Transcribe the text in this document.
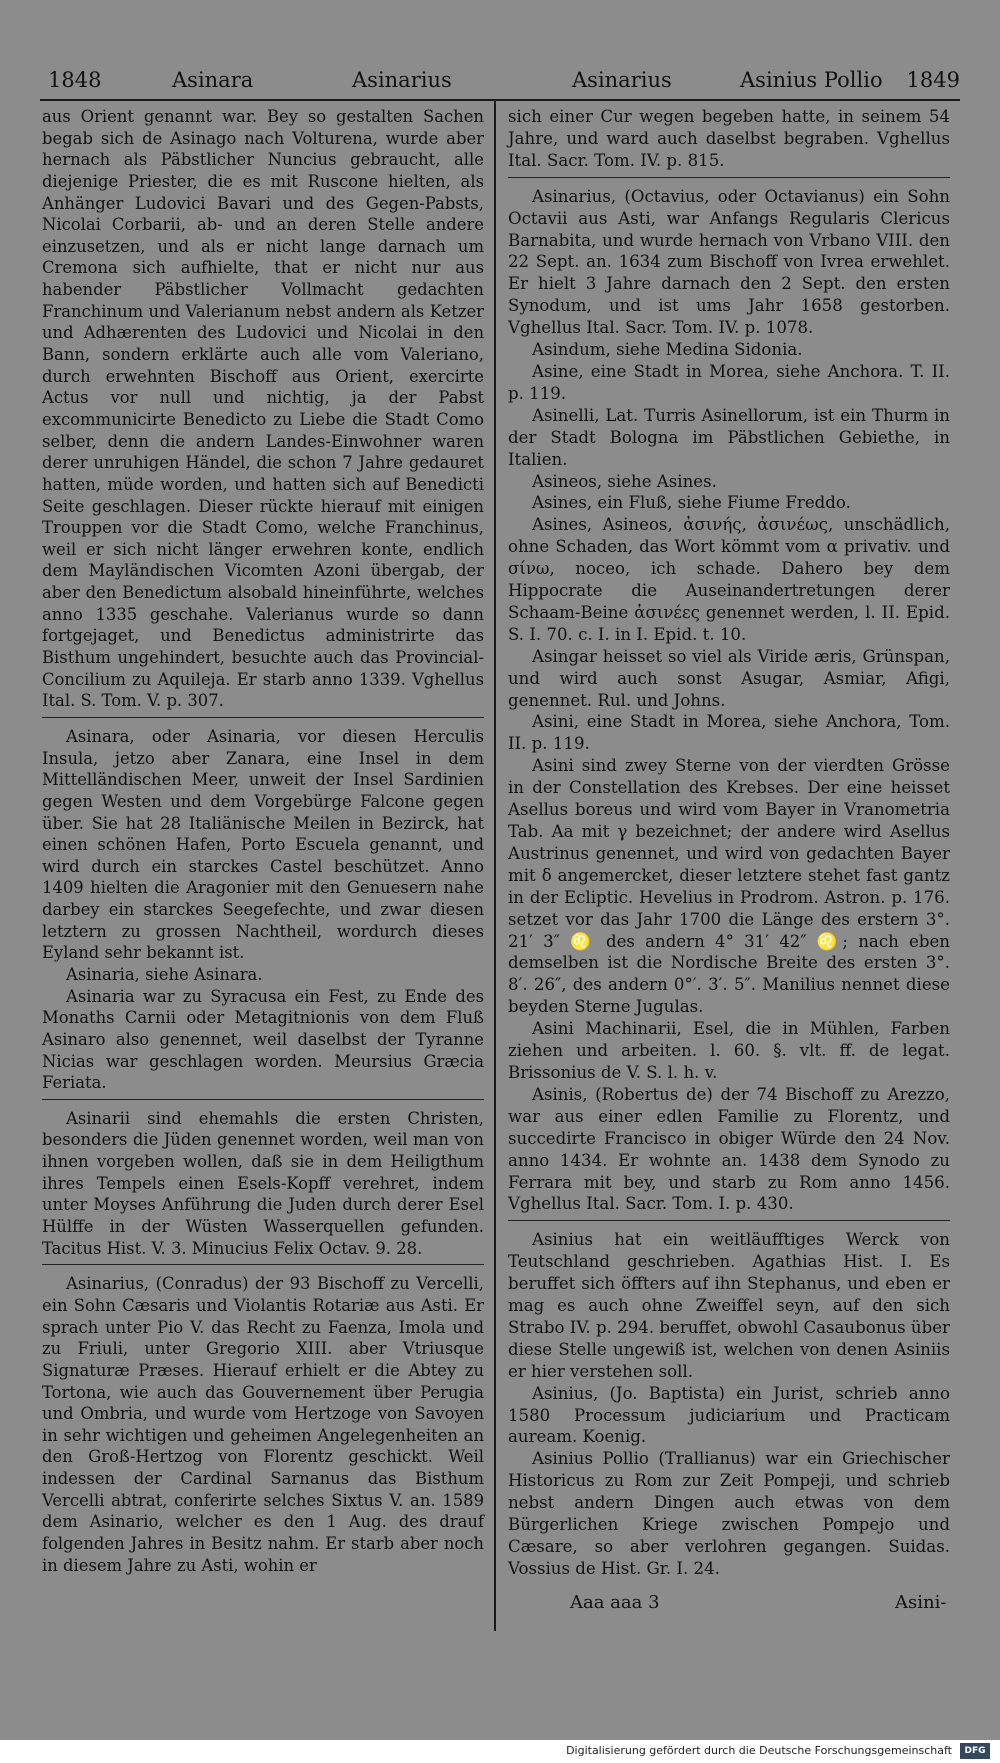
1848	Asinara	Asinarius	Asinarius	Asinius Pollio 1849

aus Orient genannt war. Bey so gestalten Sachen begab sich de Asinago nach Volturena, wurde aber hernach als Päbstlicher Nuncius gebraucht, alle diejenige Priester, die es mit Ruscone hielten, als Anhänger Ludovici Bavari und des Gegen-Pabsts, Nicolai Corbarii, ab- und an deren Stelle andere einzusetzen, und als er nicht lange darnach um Cremona sich aufhielte, that er nicht nur aus habender Päbstlicher Vollmacht gedachten Franchinum und Valerianum nebst andern als Ketzer und Adhærenten des Ludovici und Nicolai in den Bann, sondern erklärte auch alle vom Valeriano, durch erwehnten Bischoff aus Orient, exercirte Actus vor null und nichtig, ja der Pabst excommunicirte Benedicto zu Liebe die Stadt Como selber, denn die andern Landes-Einwohner waren derer unruhigen Händel, die schon 7 Jahre gedauret hatten, müde worden, und hatten sich auf Benedicti Seite geschlagen. Dieser rückte hierauf mit einigen Trouppen vor die Stadt Como, welche Franchinus, weil er sich nicht länger erwehren konte, endlich dem Mayländischen Vicomten Azoni übergab, der aber den Benedictum alsobald hineinführte, welches anno 1335 geschahe. Valerianus wurde so dann fortgejaget, und Benedictus administrirte das Bisthum ungehindert, besuchte auch das Provincial-Concilium zu Aquileja. Er starb anno 1339. Vghellus Ital. S. Tom. V. p. 307.

Asinara, oder Asinaria, vor diesen Herculis Insula, jetzo aber Zanara, eine Insel in dem Mittelländischen Meer, unweit der Insel Sardinien gegen Westen und dem Vorgebürge Falcone gegen über. Sie hat 28 Italiänische Meilen in Bezirck, hat einen schönen Hafen, Porto Escuela genannt, und wird durch ein starckes Castel beschützet. Anno 1409 hielten die Aragonier mit den Genuesern nahe darbey ein starckes Seegefechte, und zwar diesen letztern zu grossen Nachtheil, wordurch dieses Eyland sehr bekannt ist.

Asinaria, siehe Asinara.

Asinaria war zu Syracusa ein Fest, zu Ende des Monaths Carnii oder Metagitnionis von dem Fluß Asinaro also genennet, weil daselbst der Tyranne Nicias war geschlagen worden. Meursius Græcia Feriata.

Asinarii sind ehemahls die ersten Christen, besonders die Jüden genennet worden, weil man von ihnen vorgeben wollen, daß sie in dem Heiligthum ihres Tempels einen Esels-Kopff verehret, indem unter Moyses Anführung die Juden durch derer Esel Hülffe in der Wüsten Wasserquellen gefunden. Tacitus Hist. V. 3. Minucius Felix Octav. 9. 28.

Asinarius, (Conradus) der 93 Bischoff zu Vercelli, ein Sohn Cæsaris und Violantis Rotariæ aus Asti. Er sprach unter Pio V. das Recht zu Faenza, Imola und zu Friuli, unter Gregorio XIII. aber Vtriusque Signaturæ Præses. Hierauf erhielt er die Abtey zu Tortona, wie auch das Gouvernement über Perugia und Ombria, und wurde vom Hertzoge von Savoyen in sehr wichtigen und geheimen Angelegenheiten an den Groß-Hertzog von Florentz geschickt. Weil indessen der Cardinal Sarnanus das Bisthum Vercelli abtrat, conferirte selches Sixtus V. an. 1589 dem Asinario, welcher es den 1 Aug. des drauf folgenden Jahres in Besitz nahm. Er starb aber noch in diesem Jahre zu Asti, wohin er

sich einer Cur wegen begeben hatte, in seinem 54 Jahre, und ward auch daselbst begraben. Vghellus Ital. Sacr. Tom. IV. p. 815.

Asinarius, (Octavius, oder Octavianus) ein Sohn Octavii aus Asti, war Anfangs Regularis Clericus Barnabita, und wurde hernach von Vrbano VIII. den 22 Sept. an. 1634 zum Bischoff von Ivrea erwehlet. Er hielt 3 Jahre darnach den 2 Sept. den ersten Synodum, und ist ums Jahr 1658 gestorben. Vghellus Ital. Sacr. Tom. IV. p. 1078.

Asindum, siehe Medina Sidonia.

Asine, eine Stadt in Morea, siehe Anchora. T. II. p. 119.

Asinelli, Lat. Turris Asinellorum, ist ein Thurm in der Stadt Bologna im Päbstlichen Gebiethe, in Italien.

Asineos, siehe Asines.

Asines, ein Fluß, siehe Fiume Freddo.

Asines, Asineos, ἀσινής, ἀσινέως, unschädlich, ohne Schaden, das Wort kömmt vom α privativ. und σίνω, noceo, ich schade. Dahero bey dem Hippocrate die Auseinandertretungen derer Schaam-Beine ἀσινέες genennet werden, l. II. Epid. S. I. 70. c. I. in I. Epid. t. 10.

Asingar heisset so viel als Viride æris, Grünspan, und wird auch sonst Asugar, Asmiar, Afigi, genennet. Rul. und Johns.

Asini, eine Stadt in Morea, siehe Anchora, Tom. II. p. 119.

Asini sind zwey Sterne von der vierdten Grösse in der Constellation des Krebses. Der eine heisset Asellus boreus und wird vom Bayer in Vranometria Tab. Aa mit γ bezeichnet; der andere wird Asellus Austrinus genennet, und wird von gedachten Bayer mit δ angemercket, dieser letztere stehet fast gantz in der Ecliptic. Hevelius in Prodrom. Astron. p. 176. setzet vor das Jahr 1700 die Länge des erstern 3°. 21′ 3″ ♌ des andern 4° 31′ 42″ ♌; nach eben demselben ist die Nordische Breite des ersten 3°. 8′. 26″, des andern 0°′. 3′. 5″. Manilius nennet diese beyden Sterne Jugulas.

Asini Machinarii, Esel, die in Mühlen, Farben ziehen und arbeiten. l. 60. §. vlt. ff. de legat. Brissonius de V. S. l. h. v.

Asinis, (Robertus de) der 74 Bischoff zu Arezzo, war aus einer edlen Familie zu Florentz, und succedirte Francisco in obiger Würde den 24 Nov. anno 1434. Er wohnte an. 1438 dem Synodo zu Ferrara mit bey, und starb zu Rom anno 1456. Vghellus Ital. Sacr. Tom. I. p. 430.

Asinius hat ein weitläufftiges Werck von Teutschland geschrieben. Agathias Hist. I. Es beruffet sich öffters auf ihn Stephanus, und eben er mag es auch ohne Zweiffel seyn, auf den sich Strabo IV. p. 294. beruffet, obwohl Casaubonus über diese Stelle ungewiß ist, welchen von denen Asiniis er hier verstehen soll.

Asinius, (Jo. Baptista) ein Jurist, schrieb anno 1580 Processum judiciarium und Practicam auream. Koenig.

Asinius Pollio (Trallianus) war ein Griechischer Historicus zu Rom zur Zeit Pompeji, und schrieb nebst andern Dingen auch etwas von dem Bürgerlichen Kriege zwischen Pompejo und Cæsare, so aber verlohren gegangen. Suidas. Vossius de Hist. Gr. I. 24.

Aaa aaa 3	Asini-
Digitalisierung gefördert durch die Deutsche Forschungsgemeinschaft	DFG
